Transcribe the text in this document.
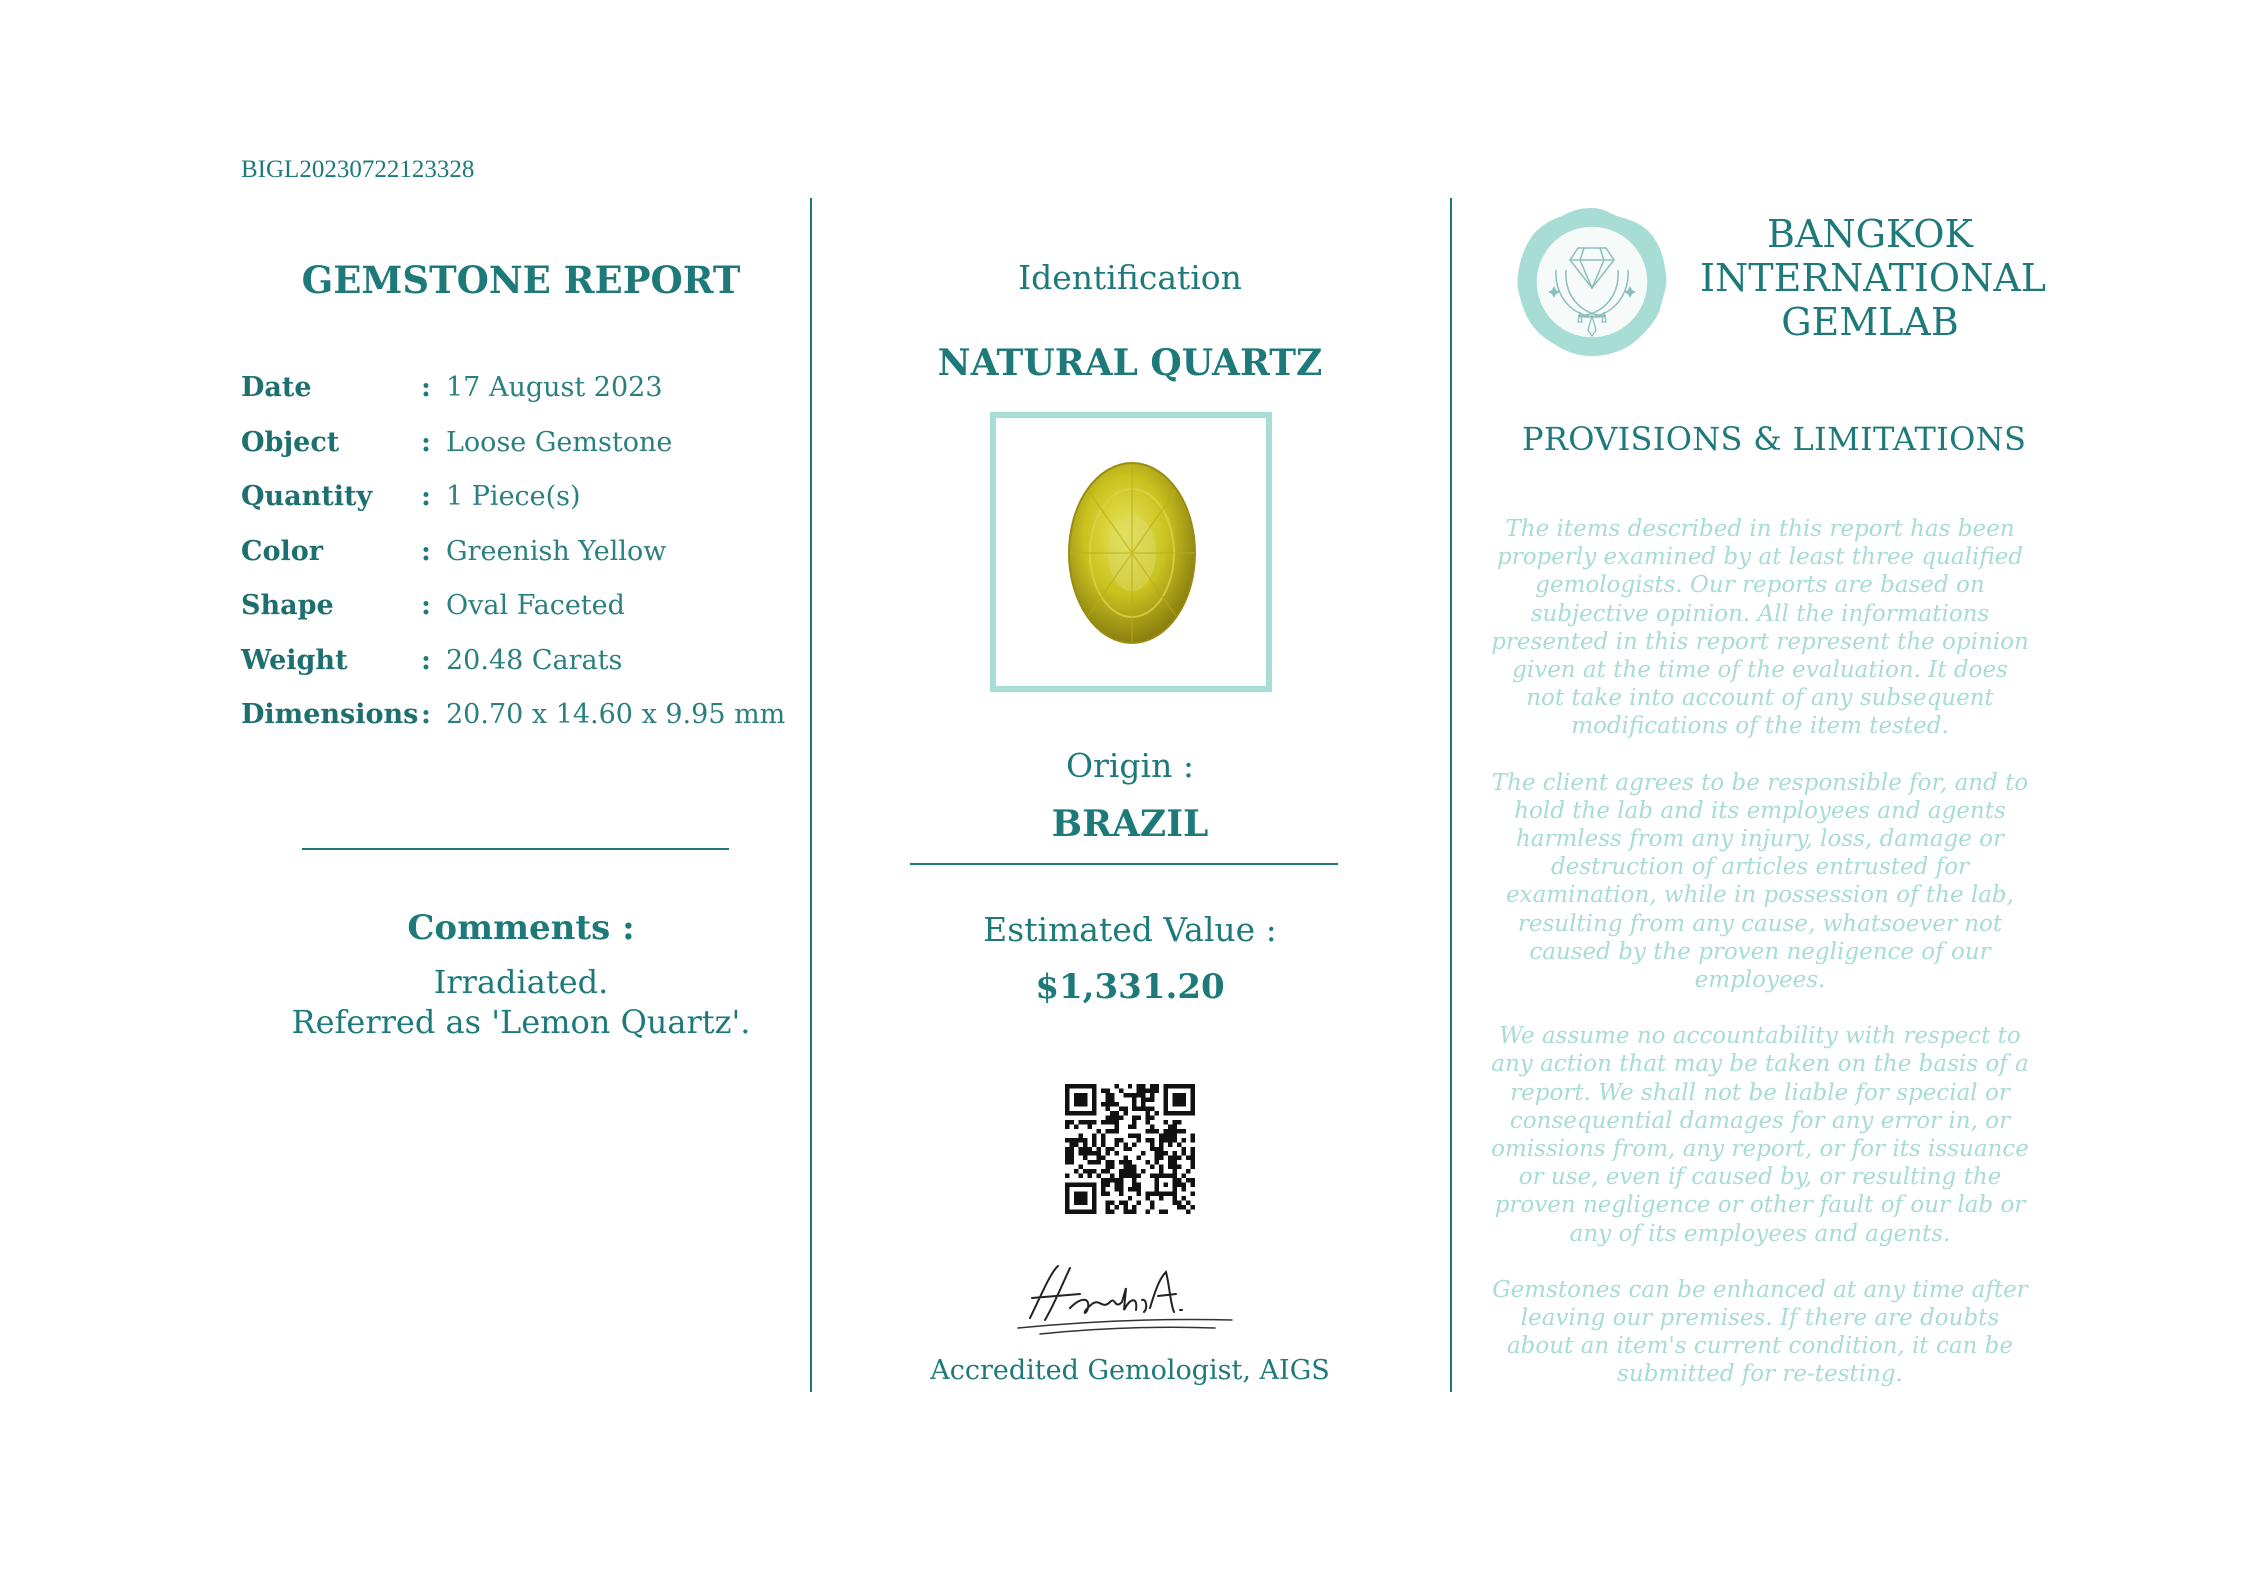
BIGL20230722123328
GEMSTONE REPORT
Date	: 17 August 2023
Object	: Loose Gemstone
Quantity : 1 Piece(s)
Color	: Greenish Yellow
Shape	: Oval Faceted
Weight	: 20.48 Carats
Dimensions : 20.70 x 14.60 x 9.95 mm
Comments :
Irradiated.
Referred as 'Lemon Quartz'.
Identification
NATURAL QUARTZ
Origin :
BRAZIL
Estimated Value :
$1,331.20
Accredited Gemologist, AIGS
BANGKOK
INTERNATIONAL
GEMLAB
PROVISIONS & LIMITATIONS

The items described in this report has been properly examined by at least three qualified gemologists. Our reports are based on subjective opinion. All the informations presented in this report represent the opinion given at the time of the evaluation. It does not take into account of any subsequent modifications of the item tested.

The client agrees to be responsible for, and to hold the lab and its employees and agents harmless from any injury, loss, damage or destruction of articles entrusted for examination, while in possession of the lab, resulting from any cause, whatsoever not caused by the proven negligence of our employees.

We assume no accountability with respect to any action that may be taken on the basis of a report. We shall not be liable for special or consequential damages for any error in, or omissions from, any report, or for its issuance or use, even if caused by, or resulting the proven negligence or other fault of our lab or any of its employees and agents.

Gemstones can be enhanced at any time after leaving our premises. If there are doubts about an item's current condition, it can be submitted for re-testing.
